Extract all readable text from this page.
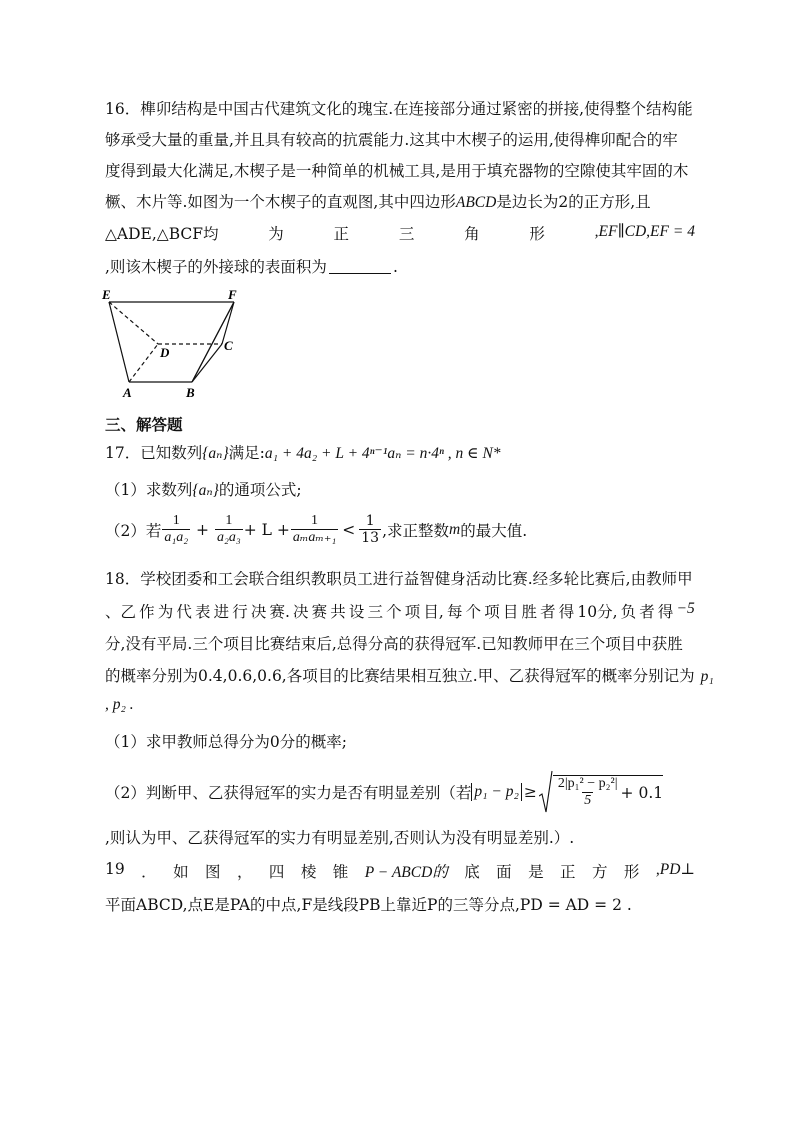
16．榫卯结构是中国古代建筑文化的瑰宝.在连接部分通过紧密的拼接,使得整个结构能
够承受大量的重量,并且具有较高的抗震能力.这其中木楔子的运用,使得榫卯配合的牢
度得到最大化满足,木楔子是一种简单的机械工具,是用于填充器物的空隙使其牢固的木
橛、木片等.如图为一个木楔子的直观图,其中四边形ABCD是边长为2的正方形,且
△ADE,△BCF均	为	正	三	角	形	,EF∥CD,EF = 4
,则该木楔子的外接球的表面积为	.
E	F
D	C
A	B
三、解答题
17．已知数列{aₙ}满足:a₁ + 4a₂ + L + 4ⁿ⁻¹aₙ = n·4ⁿ , n ∈ N*
（1）求数列{aₙ}的通项公式;
（2）若 $\frac{1}{\text{a₁a₂}} + \frac{1}{\text{a₂a₃}} + L + \frac{1}{\text{aₘaₘ₊₁}} < \frac{1}{13}$ ,求正整数 m 的最大值.
18．学校团委和工会联合组织教职员工进行益智健身活动比赛.经多轮比赛后,由教师甲
、乙 作 为 代 表 进 行 决 赛. 决 赛 共 设 三 个 项 目, 每 个 项 目 胜 者 得 10分, 负 者 得 −5
分,没有平局.三个项目比赛结束后,总得分高的获得冠军.已知教师甲在三个项目中获胜
的概率分别为0.4,0.6,0.6,各项目的比赛结果相互独立.甲、乙获得冠军的概率分别记为 p₁
, p₂ .
（1）求甲教师总得分为0分的概率;
（2）判断甲、乙获得冠军的实力是否有明显差别（若 $p_1 - p_2 \ge \frac{\text{2|p₁² − p₂²|}}{5} + 0.1$
,则认为甲、乙获得冠军的实力有明显差别,否则认为没有明显差别.）.
19 ． 如 图 ， 四 棱 锥 P − ABCD的 底 面 是 正 方 形 ,PD⊥
平面ABCD,点E是PA的中点,F是线段PB上靠近P的三等分点,PD = AD = 2 .
